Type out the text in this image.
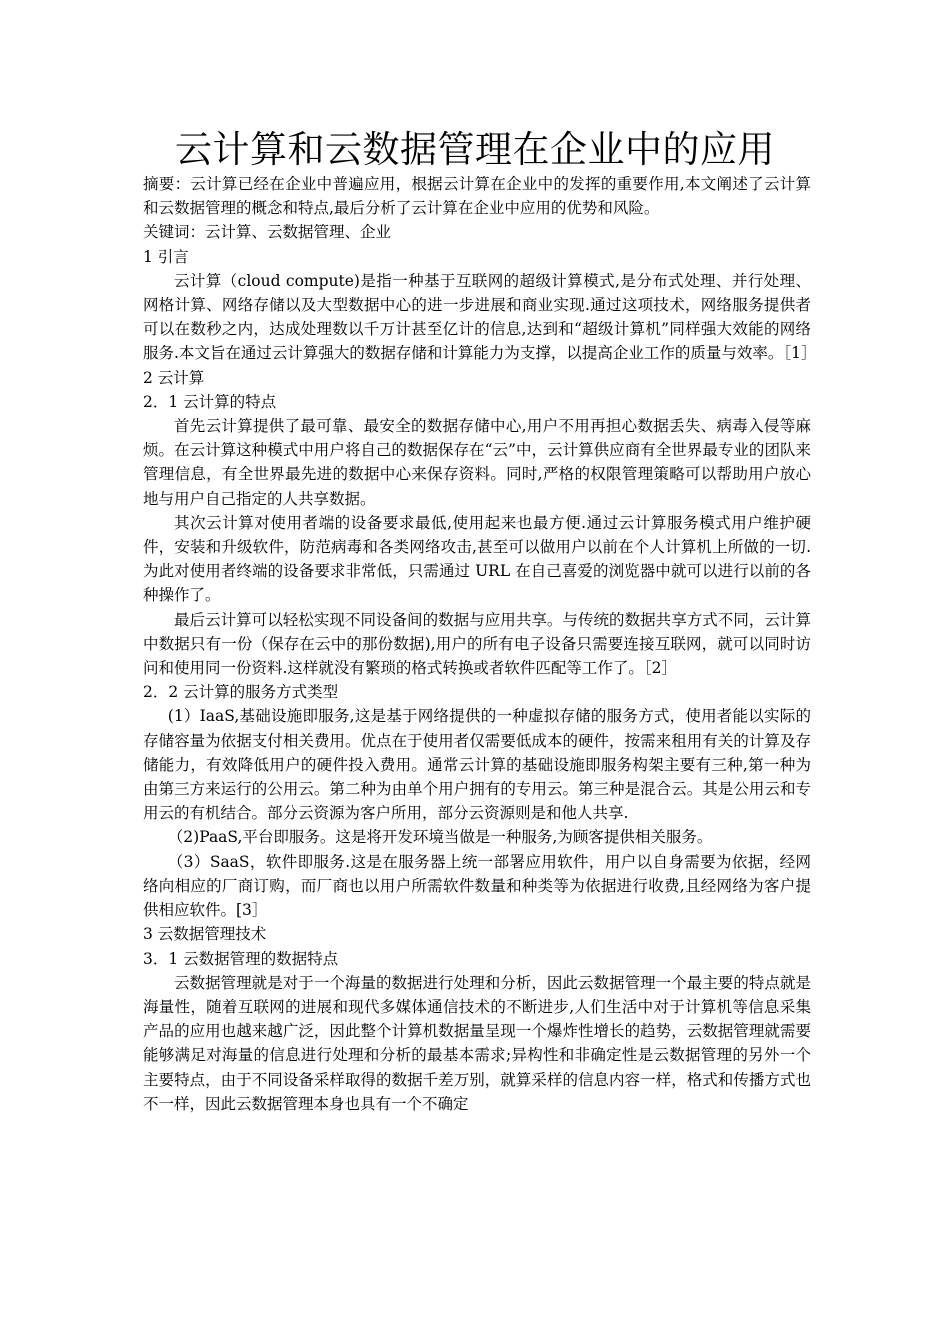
云计算和云数据管理在企业中的应用

摘要：云计算已经在企业中普遍应用，根据云计算在企业中的发挥的重要作用,本文阐述了云计算和云数据管理的概念和特点,最后分析了云计算在企业中应用的优势和风险。

关键词：云计算、云数据管理、企业

1 引言

云计算（cloud compute)是指一种基于互联网的超级计算模式,是分布式处理、并行处理、网格计算、网络存储以及大型数据中心的进一步进展和商业实现.通过这项技术，网络服务提供者可以在数秒之内，达成处理数以千万计甚至亿计的信息,达到和“超级计算机”同样强大效能的网络服务.本文旨在通过云计算强大的数据存储和计算能力为支撑，以提高企业工作的质量与效率。［1］

2 云计算

2．1 云计算的特点

首先云计算提供了最可靠、最安全的数据存储中心,用户不用再担心数据丢失、病毒入侵等麻烦。在云计算这种模式中用户将自己的数据保存在“云”中，云计算供应商有全世界最专业的团队来管理信息，有全世界最先进的数据中心来保存资料。同时,严格的权限管理策略可以帮助用户放心地与用户自己指定的人共享数据。

其次云计算对使用者端的设备要求最低,使用起来也最方便.通过云计算服务模式用户维护硬件，安装和升级软件，防范病毒和各类网络攻击,甚至可以做用户以前在个人计算机上所做的一切.为此对使用者终端的设备要求非常低，只需通过 URL 在自己喜爱的浏览器中就可以进行以前的各种操作了。

最后云计算可以轻松实现不同设备间的数据与应用共享。与传统的数据共享方式不同，云计算中数据只有一份（保存在云中的那份数据),用户的所有电子设备只需要连接互联网，就可以同时访问和使用同一份资料.这样就没有繁琐的格式转换或者软件匹配等工作了。［2］

2．2 云计算的服务方式类型

(1）IaaS,基础设施即服务,这是基于网络提供的一种虚拟存储的服务方式，使用者能以实际的存储容量为依据支付相关费用。优点在于使用者仅需要低成本的硬件，按需来租用有关的计算及存储能力，有效降低用户的硬件投入费用。通常云计算的基础设施即服务构架主要有三种,第一种为由第三方来运行的公用云。第二种为由单个用户拥有的专用云。第三种是混合云。其是公用云和专用云的有机结合。部分云资源为客户所用，部分云资源则是和他人共享.

（2)PaaS,平台即服务。这是将开发环境当做是一种服务,为顾客提供相关服务。

（3）SaaS，软件即服务.这是在服务器上统一部署应用软件，用户以自身需要为依据，经网络向相应的厂商订购，而厂商也以用户所需软件数量和种类等为依据进行收费,且经网络为客户提供相应软件。[3］

3 云数据管理技术

3．1 云数据管理的数据特点

云数据管理就是对于一个海量的数据进行处理和分析，因此云数据管理一个最主要的特点就是海量性，随着互联网的进展和现代多媒体通信技术的不断进步,人们生活中对于计算机等信息采集产品的应用也越来越广泛，因此整个计算机数据量呈现一个爆炸性增长的趋势，云数据管理就需要能够满足对海量的信息进行处理和分析的最基本需求;异构性和非确定性是云数据管理的另外一个主要特点，由于不同设备采样取得的数据千差万别，就算采样的信息内容一样，格式和传播方式也不一样，因此云数据管理本身也具有一个不确定
